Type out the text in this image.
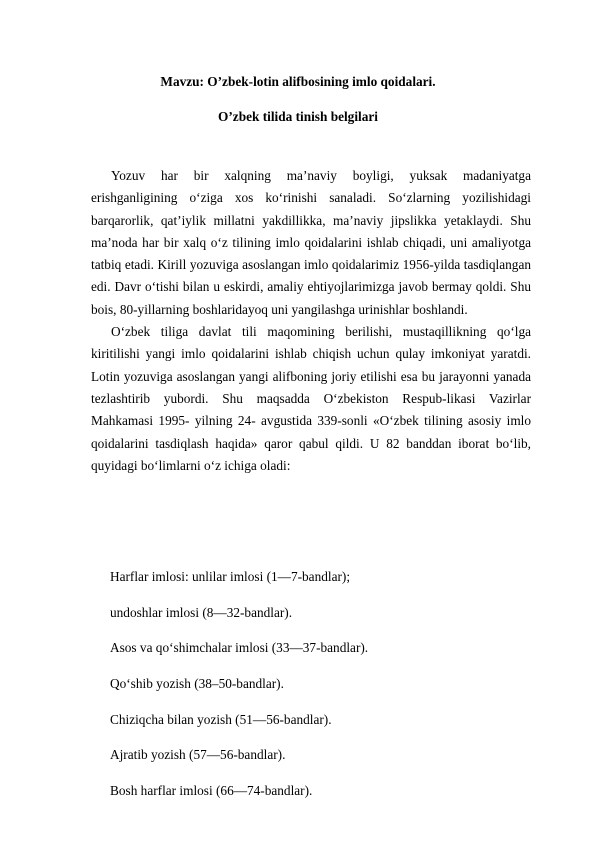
Mavzu: O’zbek-lotin alifbosining imlo qoidalari.
O’zbek tilida tinish belgilari

Yozuv har bir xalqning ma’naviy boyligi, yuksak madaniyatga erishganligining o‘ziga xos ko‘rinishi sanaladi. So‘zlarning yozilishidagi barqarorlik, qat’iylik millatni yakdillikka, ma’naviy jipslikka yetaklaydi. Shu ma’noda har bir xalq o‘z tilining imlo qoidalarini ishlab chiqadi, uni amaliyotga tatbiq etadi. Kirill yozuviga asoslangan imlo qoidalarimiz 1956-yilda tasdiqlangan edi. Davr o‘tishi bilan u eskirdi, amaliy ehtiyojlarimizga javob bermay qoldi. Shu bois, 80-yillarning boshlaridayoq uni yangilashga urinishlar boshlandi.

O‘zbek tiliga davlat tili maqomining berilishi, mustaqillikning qo‘lga kiritilishi yangi imlo qoidalarini ishlab chiqish uchun qulay imkoniyat yaratdi. Lotin yozuviga asoslangan yangi alifboning joriy etilishi esa bu jarayonni yanada tezlashtirib yubordi. Shu maqsadda O‘zbekiston Respub-likasi Vazirlar Mahkamasi 1995- yilning 24- avgustida 339-sonli «O‘zbek tilining asosiy imlo qoidalarini tasdiqlash haqida» qaror qabul qildi. U 82 banddan iborat bo‘lib, quyidagi bo‘limlarni o‘z ichiga oladi:

Harflar imlosi: unlilar imlosi (1—7-bandlar);
undoshlar imlosi (8—32-bandlar).
Asos va qo‘shimchalar imlosi (33—37-bandlar).
Qo‘shib yozish (38–50-bandlar).
Chiziqcha bilan yozish (51—56-bandlar).
Ajratib yozish (57—56-bandlar).
Bosh harflar imlosi (66—74-bandlar).
